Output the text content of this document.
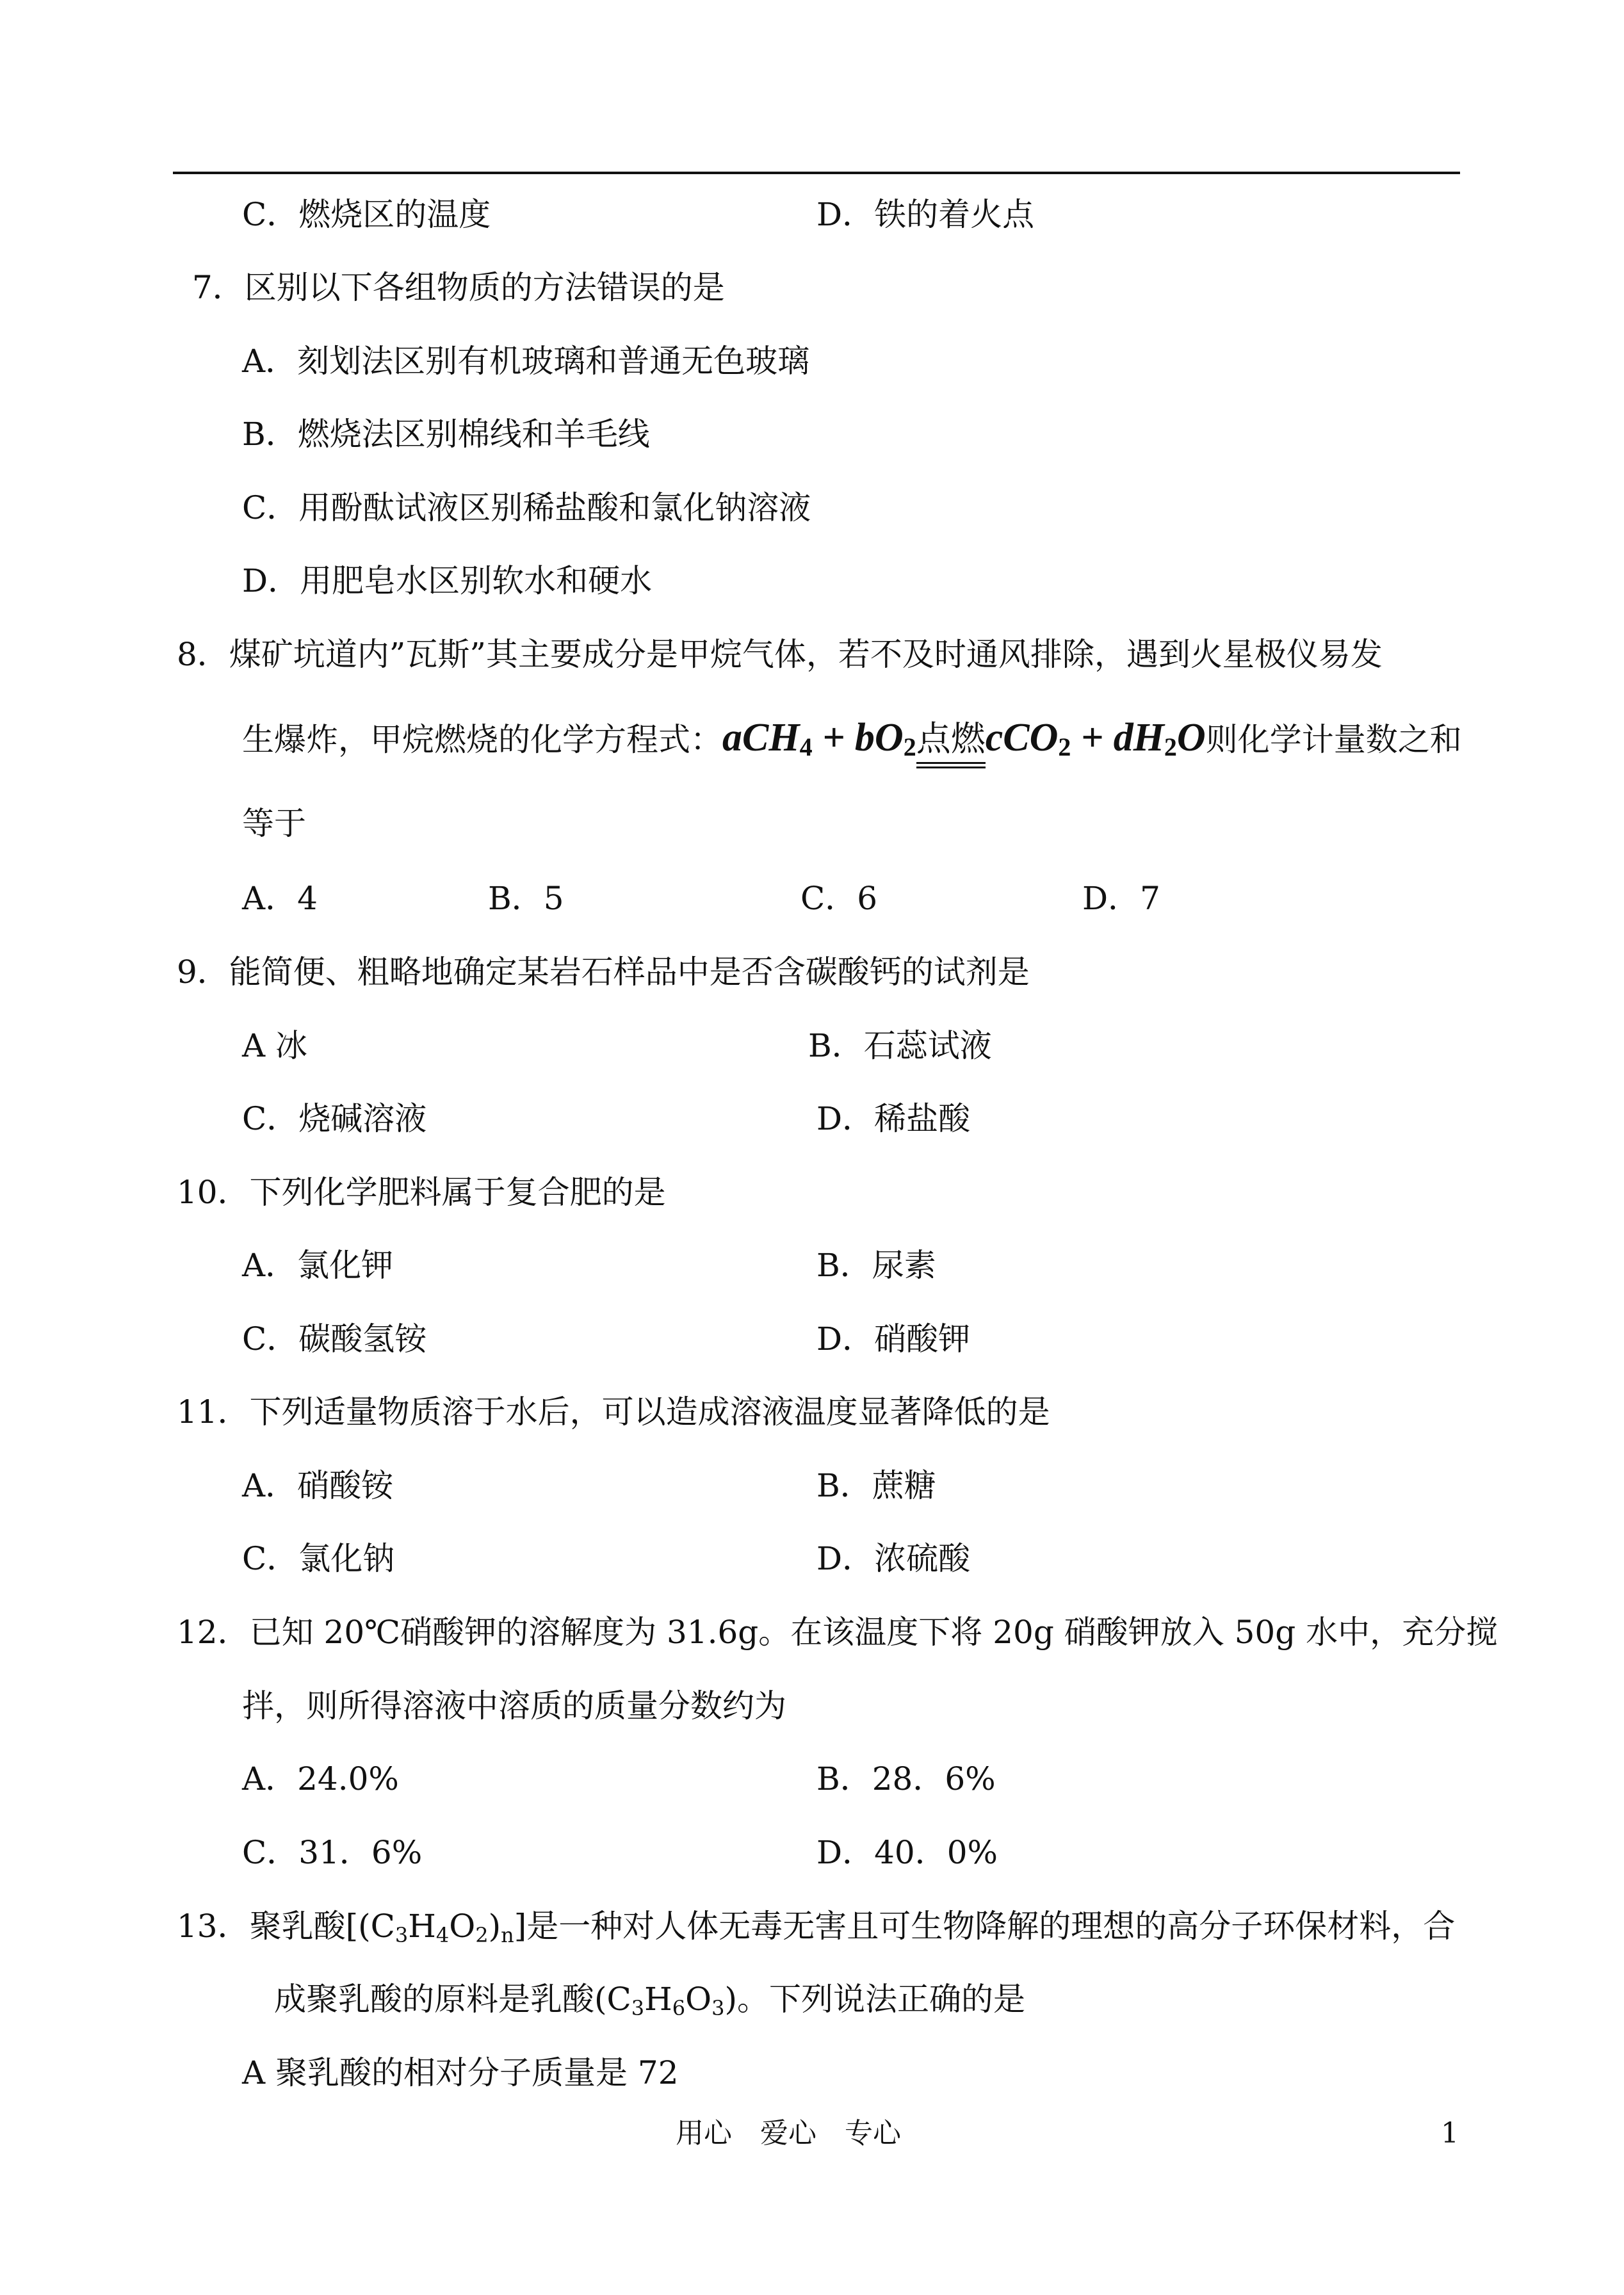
C．燃烧区的温度	D．铁的着火点
7．区别以下各组物质的方法错误的是
A．刻划法区别有机玻璃和普通无色玻璃
B．燃烧法区别棉线和羊毛线
C．用酚酞试液区别稀盐酸和氯化钠溶液
D．用肥皂水区别软水和硬水
8．煤矿坑道内”瓦斯”其主要成分是甲烷气体，若不及时通风排除，遇到火星极仪易发
生爆炸，甲烷燃烧的化学方程式：$aCH_4 + bO_2$点燃$cCO_2 + dH_2O$则化学计量数之和
等于
A．4	B．5	C．6	D．7
9．能简便、粗略地确定某岩石样品中是否含碳酸钙的试剂是
A 冰	B．石蕊试液
C．烧碱溶液	D．稀盐酸
10．下列化学肥料属于复合肥的是
A．氯化钾	B．尿素
C．碳酸氢铵	D．硝酸钾
11．下列适量物质溶于水后，可以造成溶液温度显著降低的是
A．硝酸铵	B．蔗糖
C．氯化钠	D．浓硫酸
12．已知 20℃硝酸钾的溶解度为 31.6g。在该温度下将 20g 硝酸钾放入 50g 水中，充分搅
拌，则所得溶液中溶质的质量分数约为
A．24.0%	B．28．6%
C．31．6%	D．40．0%
13．聚乳酸$[(C_3H_4O_2)_n]$是一种对人体无毒无害且可生物降解的理想的高分子环保材料，合
成聚乳酸的原料是乳酸$(C_3H_6O_3)$。下列说法正确的是
A 聚乳酸的相对分子质量是 72
用心　爱心　专心	1
